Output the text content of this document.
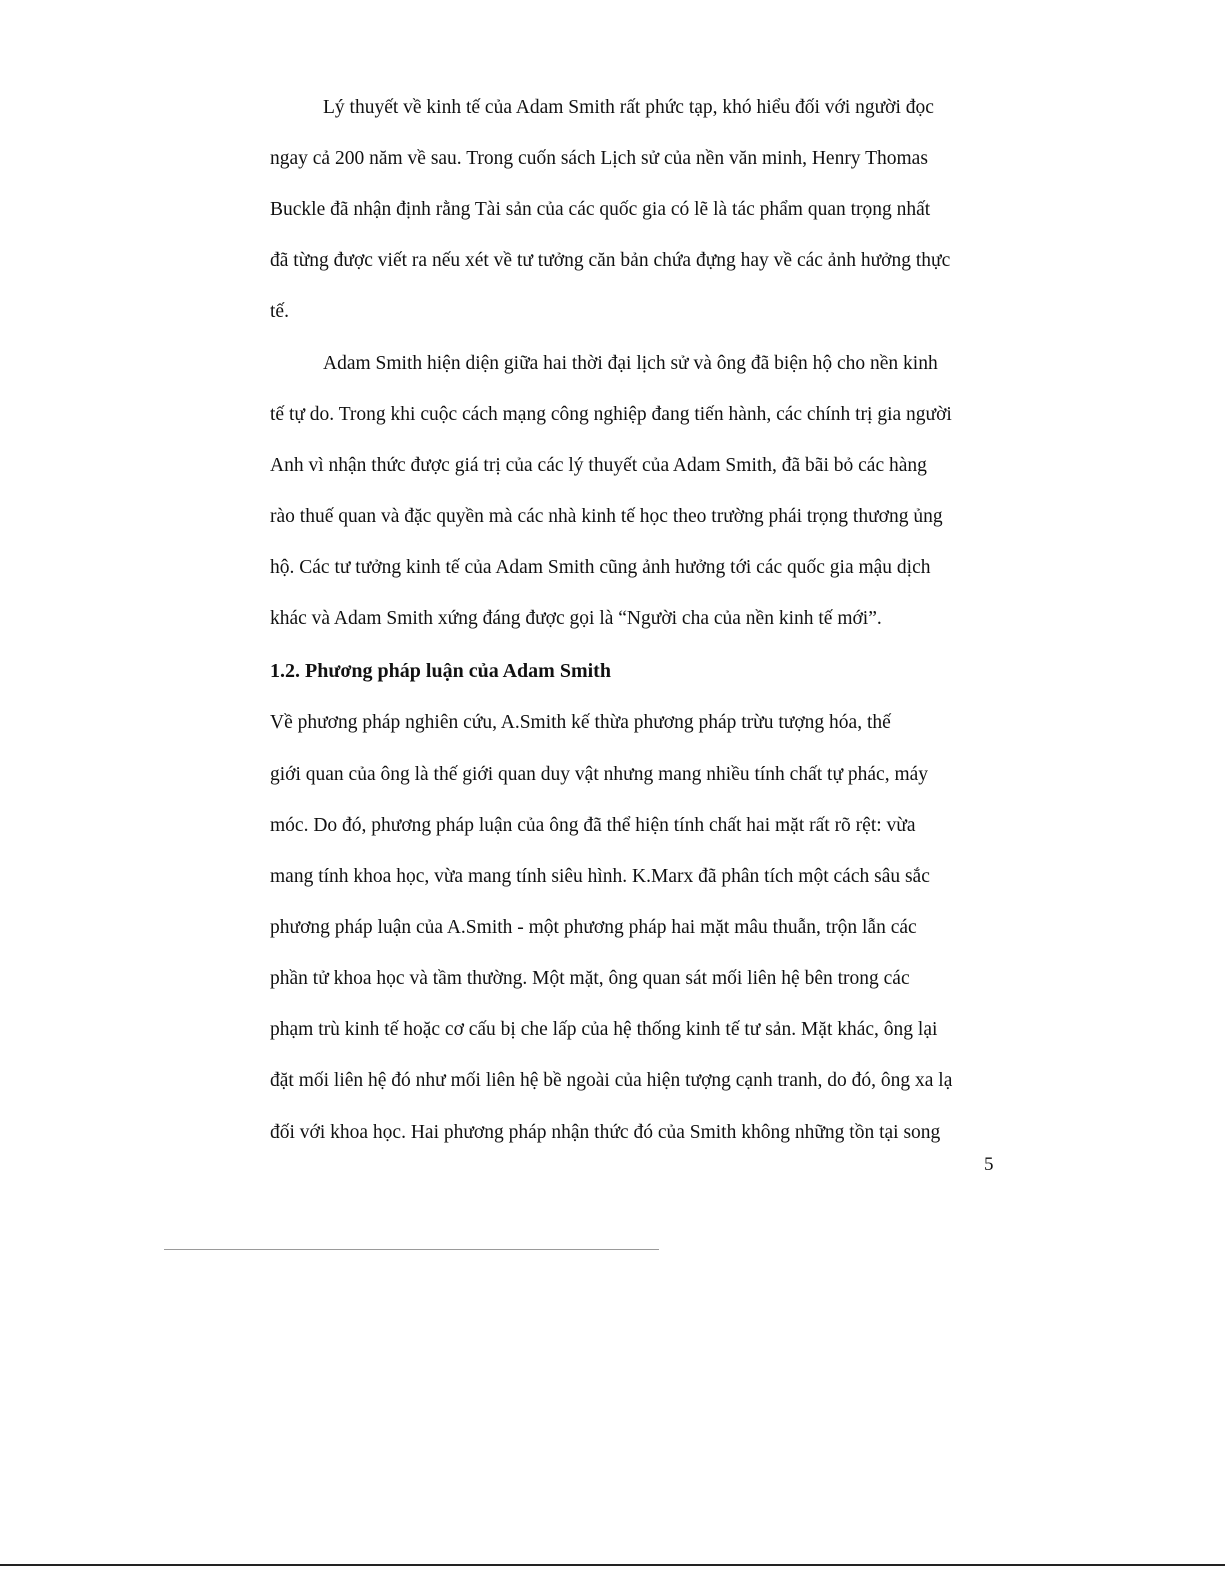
Lý thuyết về kinh tế của Adam Smith rất phức tạp, khó hiểu đối với người đọc
ngay cả 200 năm về sau. Trong cuốn sách Lịch sử của nền văn minh, Henry Thomas
Buckle đã nhận định rằng Tài sản của các quốc gia có lẽ là tác phẩm quan trọng nhất
đã từng được viết ra nếu xét về tư tưởng căn bản chứa đựng hay về các ảnh hưởng thực
tế.
Adam Smith hiện diện giữa hai thời đại lịch sử và ông đã biện hộ cho nền kinh
tế tự do. Trong khi cuộc cách mạng công nghiệp đang tiến hành, các chính trị gia người
Anh vì nhận thức được giá trị của các lý thuyết của Adam Smith, đã bãi bỏ các hàng
rào thuế quan và đặc quyền mà các nhà kinh tế học theo trường phái trọng thương ủng
hộ. Các tư tưởng kinh tế của Adam Smith cũng ảnh hưởng tới các quốc gia mậu dịch
khác và Adam Smith xứng đáng được gọi là “Người cha của nền kinh tế mới”.
1.2. Phương pháp luận của Adam Smith
Về phương pháp nghiên cứu, A.Smith kế thừa phương pháp trừu tượng hóa, thế
giới quan của ông là thế giới quan duy vật nhưng mang nhiều tính chất tự phác, máy
móc. Do đó, phương pháp luận của ông đã thể hiện tính chất hai mặt rất rõ rệt: vừa
mang tính khoa học, vừa mang tính siêu hình. K.Marx đã phân tích một cách sâu sắc
phương pháp luận của A.Smith - một phương pháp hai mặt mâu thuẫn, trộn lẫn các
phần tử khoa học và tầm thường. Một mặt, ông quan sát mối liên hệ bên trong các
phạm trù kinh tế hoặc cơ cấu bị che lấp của hệ thống kinh tế tư sản. Mặt khác, ông lại
đặt mối liên hệ đó như mối liên hệ bề ngoài của hiện tượng cạnh tranh, do đó, ông xa lạ
đối với khoa học. Hai phương pháp nhận thức đó của Smith không những tồn tại song
5
